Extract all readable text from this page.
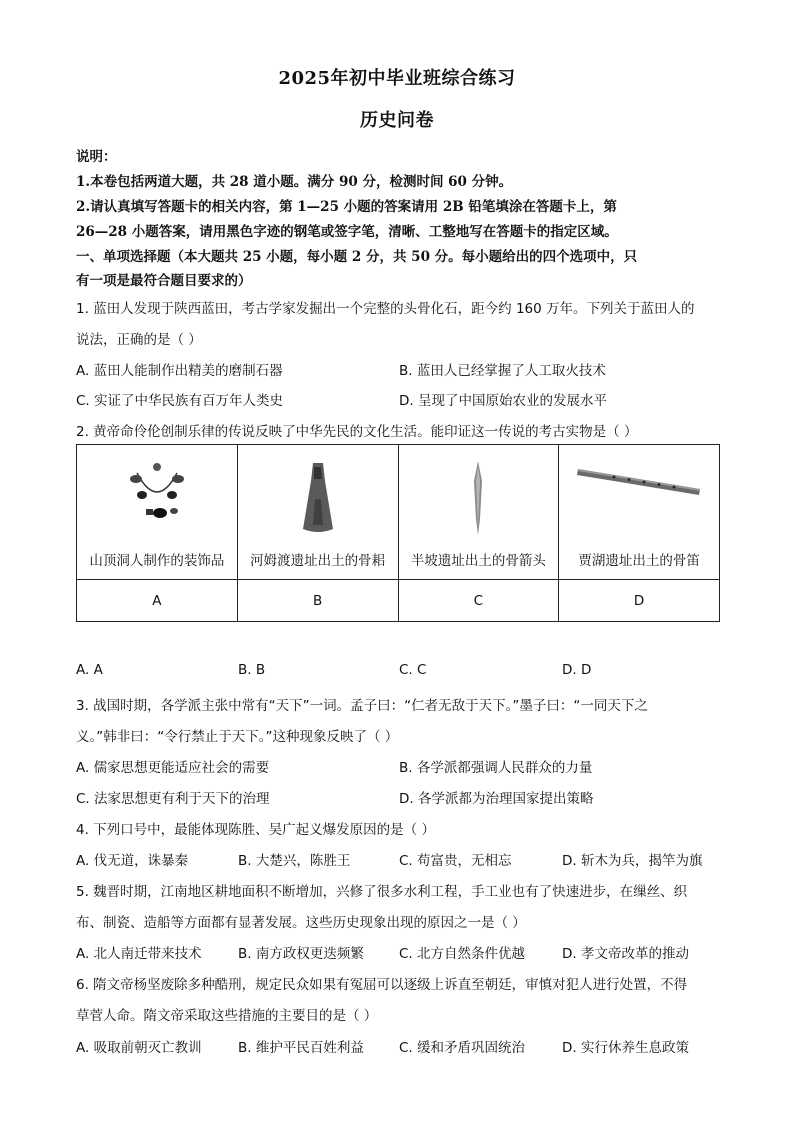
2025年初中毕业班综合练习
历史问卷
说明：
1.本卷包括两道大题，共 28 道小题。满分 90 分，检测时间 60 分钟。
2.请认真填写答题卡的相关内容，第 1—25 小题的答案请用 2B 铅笔填涂在答题卡上，第
26—28 小题答案，请用黑色字迹的钢笔或签字笔，清晰、工整地写在答题卡的指定区域。
一、单项选择题（本大题共 25 小题，每小题 2 分，共 50 分。每小题给出的四个选项中，只
有一项是最符合题目要求的）
1. 蓝田人发现于陕西蓝田，考古学家发掘出一个完整的头骨化石，距今约 160 万年。下列关于蓝田人的
说法，正确的是（ ）
A. 蓝田人能制作出精美的磨制石器	B. 蓝田人已经掌握了人工取火技术
C. 实证了中华民族有百万年人类史	D. 呈现了中国原始农业的发展水平
2. 黄帝命伶伦创制乐律的传说反映了中华先民的文化生活。能印证这一传说的考古实物是（ ）
山顶洞人制作的装饰品	河姆渡遗址出土的骨耜	半坡遗址出土的骨箭头	贾湖遗址出土的骨笛

A	B	C	D
A. A	B. B	C. C	D. D
3. 战国时期，各学派主张中常有“天下”一词。孟子曰：“仁者无敌于天下。”墨子曰：“一同天下之
义。”韩非曰：“令行禁止于天下。”这种现象反映了（ ）
A. 儒家思想更能适应社会的需要	B. 各学派都强调人民群众的力量
C. 法家思想更有利于天下的治理	D. 各学派都为治理国家提出策略
4. 下列口号中，最能体现陈胜、吴广起义爆发原因的是（ ）
A. 伐无道，诛暴秦	B. 大楚兴，陈胜王	C. 苟富贵，无相忘	D. 斩木为兵，揭竿为旗
5. 魏晋时期，江南地区耕地面积不断增加，兴修了很多水利工程，手工业也有了快速进步，在缫丝、织
布、制瓷、造船等方面都有显著发展。这些历史现象出现的原因之一是（ ）
A. 北人南迁带来技术	B. 南方政权更迭频繁	C. 北方自然条件优越	D. 孝文帝改革的推动
6. 隋文帝杨坚废除多种酷刑，规定民众如果有冤屈可以逐级上诉直至朝廷，审慎对犯人进行处置，不得
草菅人命。隋文帝采取这些措施的主要目的是（ ）
A. 吸取前朝灭亡教训	B. 维护平民百姓利益	C. 缓和矛盾巩固统治	D. 实行休养生息政策
